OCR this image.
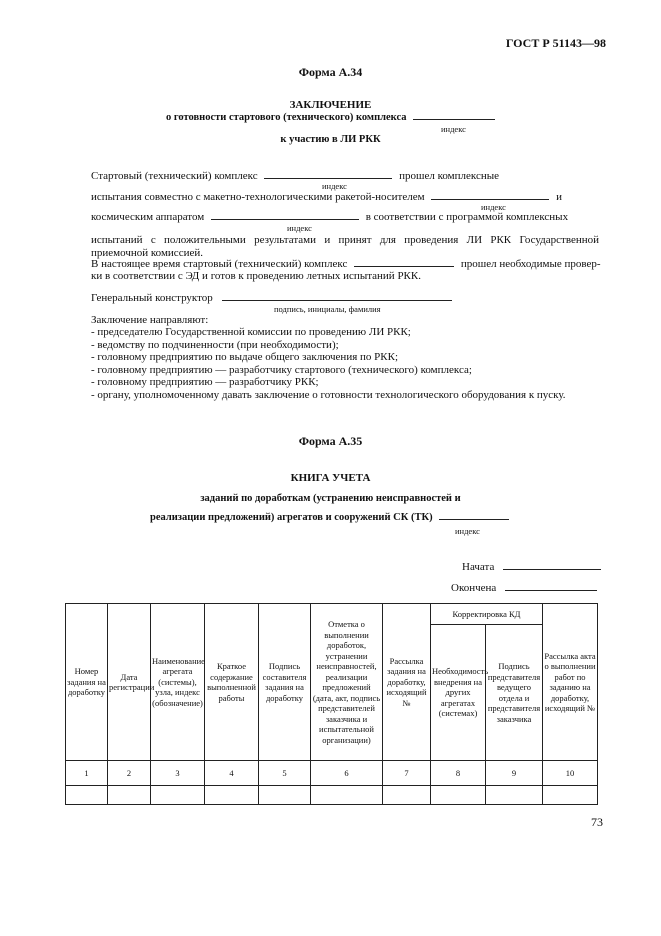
ГОСТ Р 51143—98
Форма А.34
ЗАКЛЮЧЕНИЕ
о готовности стартового (технического) комплекса
индекс
к участию в ЛИ РКК
Стартовый (технический) комплекс	прошел комплексные
индекс
испытания совместно с макетно-технологическими ракетой-носителем	и
индекс
космическим аппаратом	в соответствии с программой комплексных
индекс
испытаний с положительными результатами и принят для проведения ЛИ РКК Государственной приемочной комиссией.
В настоящее время стартовый (технический) комплекс	прошел необходимые провер-
ки в соответствии с ЭД и готов к проведению летных испытаний РКК.
Генеральный конструктор
подпись, инициалы, фамилия
Заключение направляют:
- председателю Государственной комиссии по проведению ЛИ РКК;
- ведомству по подчиненности (при необходимости);
- головному предприятию по выдаче общего заключения по РКК;
- головному предприятию — разработчику стартового (технического) комплекса;
- головному предприятию — разработчику РКК;
- органу, уполномоченному давать заключение о готовности технологического оборудования к пуску.
Форма А.35
КНИГА УЧЕТА
заданий по доработкам (устранению неисправностей и
реализации предложений) агрегатов и сооружений СК (ТК)
индекс
Начата
Окончена
Номер задания на доработку	Дата регистрации	Наименование агрегата (системы), узла, индекс (обозначение)	Краткое содержание выполненной работы	Подпись составителя задания на доработку	Отметка о выполнении доработок, устранении неисправностей, реализации предложений (дата, акт, подпись представителей заказчика и испытательной организации)	Рассылка задания на доработку, исходящий №	Корректировка КД		Рассылка акта о выполнении работ по заданию на доработку, исходящий №
							Необходимость внедрения на других агрегатах (системах)	Подпись представителя ведущего отдела и представителя заказчика	
1	2	3	4	5	6	7	8	9	10

73
